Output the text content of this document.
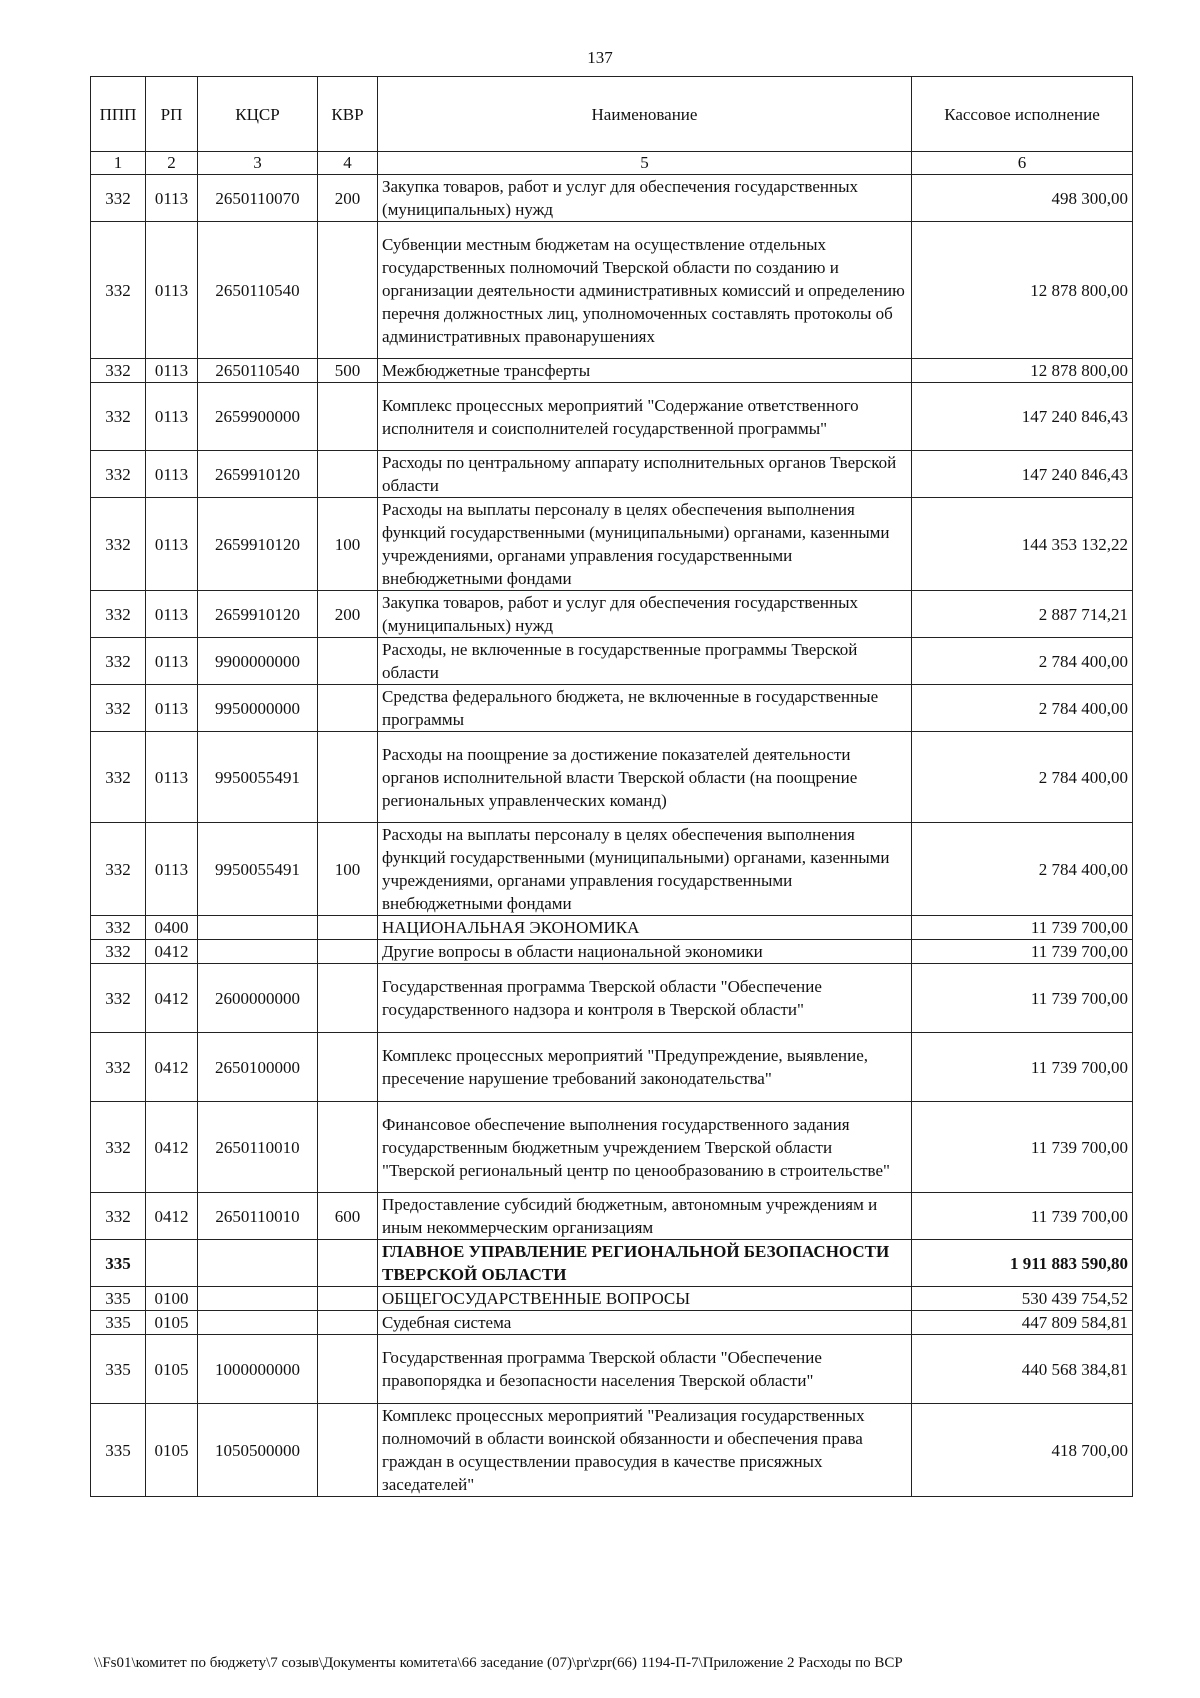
137
ППП	РП	КЦСР	КВР	Наименование	Кассовое исполнение
1	2	3	4	5	6
332	0113	2650110070	200	Закупка товаров, работ и услуг для обеспечения государственных (муниципальных) нужд	498 300,00
332	0113	2650110540		Субвенции местным бюджетам на осуществление отдельных государственных полномочий Тверской области по созданию и организации деятельности административных комиссий и определению перечня должностных лиц, уполномоченных составлять протоколы об административных правонарушениях	12 878 800,00
332	0113	2650110540	500	Межбюджетные трансферты	12 878 800,00
332	0113	2659900000		Комплекс процессных мероприятий "Содержание ответственного исполнителя и соисполнителей государственной программы"	147 240 846,43
332	0113	2659910120		Расходы по центральному аппарату исполнительных органов Тверской области	147 240 846,43
332	0113	2659910120	100	Расходы на выплаты персоналу в целях обеспечения выполнения функций государственными (муниципальными) органами, казенными учреждениями, органами управления государственными внебюджетными фондами	144 353 132,22
332	0113	2659910120	200	Закупка товаров, работ и услуг для обеспечения государственных (муниципальных) нужд	2 887 714,21
332	0113	9900000000		Расходы, не включенные в государственные программы Тверской области	2 784 400,00
332	0113	9950000000		Средства федерального бюджета, не включенные в государственные программы	2 784 400,00
332	0113	9950055491		Расходы на поощрение за достижение показателей деятельности органов исполнительной власти Тверской области (на поощрение региональных управленческих команд)	2 784 400,00
332	0113	9950055491	100	Расходы на выплаты персоналу в целях обеспечения выполнения функций государственными (муниципальными) органами, казенными учреждениями, органами управления государственными внебюджетными фондами	2 784 400,00
332	0400			НАЦИОНАЛЬНАЯ ЭКОНОМИКА	11 739 700,00
332	0412			Другие вопросы в области национальной экономики	11 739 700,00
332	0412	2600000000		Государственная программа Тверской области "Обеспечение государственного надзора и контроля в Тверской области"	11 739 700,00
332	0412	2650100000		Комплекс процессных мероприятий "Предупреждение, выявление, пресечение нарушение требований законодательства"	11 739 700,00
332	0412	2650110010		Финансовое обеспечение выполнения государственного задания государственным бюджетным учреждением Тверской области "Тверской региональный центр по ценообразованию в строительстве"	11 739 700,00
332	0412	2650110010	600	Предоставление субсидий бюджетным, автономным учреждениям и иным некоммерческим организациям	11 739 700,00
335				ГЛАВНОЕ УПРАВЛЕНИЕ РЕГИОНАЛЬНОЙ БЕЗОПАСНОСТИ ТВЕРСКОЙ ОБЛАСТИ	1 911 883 590,80
335	0100			ОБЩЕГОСУДАРСТВЕННЫЕ ВОПРОСЫ	530 439 754,52
335	0105			Судебная система	447 809 584,81
335	0105	1000000000		Государственная программа Тверской области "Обеспечение правопорядка и безопасности населения Тверской области"	440 568 384,81
335	0105	1050500000		Комплекс процессных мероприятий "Реализация государственных полномочий в области воинской обязанности и обеспечения права граждан в осуществлении правосудия в качестве присяжных заседателей"	418 700,00
\\Fs01\комитет по бюджету\7 созыв\Документы комитета\66 заседание (07)\pr\zpr(66) 1194-П-7\Приложение 2 Расходы по ВСР
